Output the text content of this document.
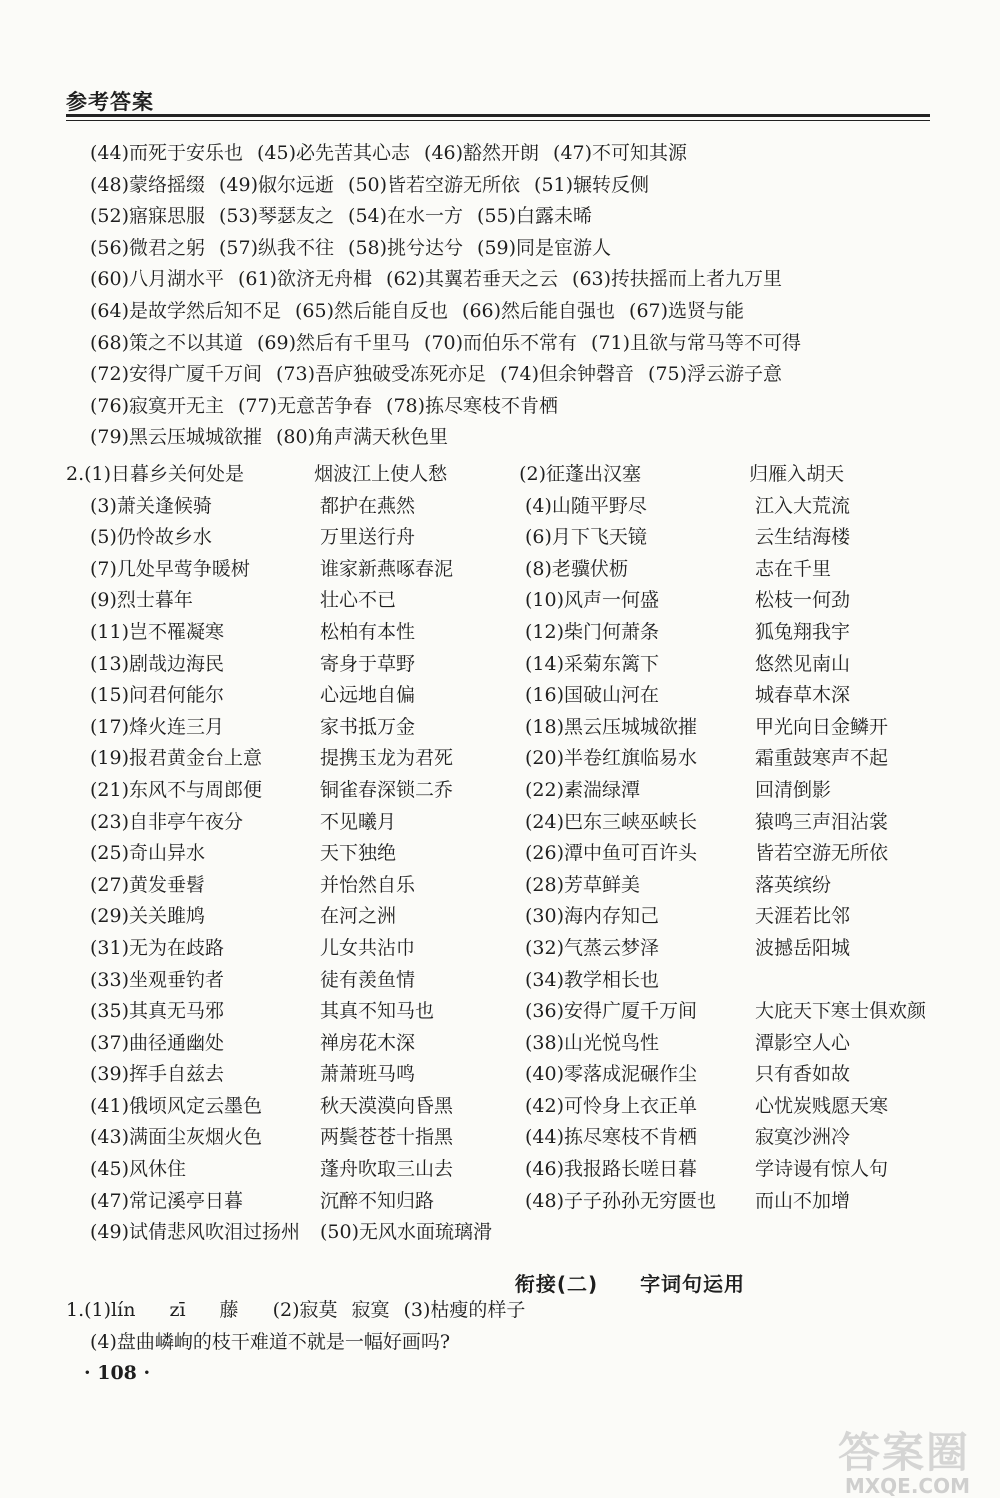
参考答案
(44)而死于安乐也 (45)必先苦其心志 (46)豁然开朗 (47)不可知其源
(48)蒙络摇缀 (49)俶尔远逝 (50)皆若空游无所依 (51)辗转反侧
(52)寤寐思服 (53)琴瑟友之 (54)在水一方 (55)白露未晞
(56)微君之躬 (57)纵我不往 (58)挑兮达兮 (59)同是宦游人
(60)八月湖水平 (61)欲济无舟楫 (62)其翼若垂天之云 (63)抟扶摇而上者九万里
(64)是故学然后知不足 (65)然后能自反也 (66)然后能自强也 (67)选贤与能
(68)策之不以其道 (69)然后有千里马 (70)而伯乐不常有 (71)且欲与常马等不可得
(72)安得广厦千万间 (73)吾庐独破受冻死亦足 (74)但余钟磬音 (75)浮云游子意
(76)寂寞开无主 (77)无意苦争春 (78)拣尽寒枝不肯栖
(79)黑云压城城欲摧 (80)角声满天秋色里
2.(1)日暮乡关何处是	烟波江上使人愁	(2)征蓬出汉塞	归雁入胡天
(3)萧关逢候骑	都护在燕然	(4)山随平野尽	江入大荒流
(5)仍怜故乡水	万里送行舟	(6)月下飞天镜	云生结海楼
(7)几处早莺争暖树	谁家新燕啄春泥	(8)老骥伏枥	志在千里
(9)烈士暮年	壮心不已	(10)风声一何盛	松枝一何劲
(11)岂不罹凝寒	松柏有本性	(12)柴门何萧条	狐兔翔我宇
(13)剧哉边海民	寄身于草野	(14)采菊东篱下	悠然见南山
(15)问君何能尔	心远地自偏	(16)国破山河在	城春草木深
(17)烽火连三月	家书抵万金	(18)黑云压城城欲摧	甲光向日金鳞开
(19)报君黄金台上意	提携玉龙为君死	(20)半卷红旗临易水	霜重鼓寒声不起
(21)东风不与周郎便	铜雀春深锁二乔	(22)素湍绿潭	回清倒影
(23)自非亭午夜分	不见曦月	(24)巴东三峡巫峡长	猿鸣三声泪沾裳
(25)奇山异水	天下独绝	(26)潭中鱼可百许头	皆若空游无所依
(27)黄发垂髫	并怡然自乐	(28)芳草鲜美	落英缤纷
(29)关关雎鸠	在河之洲	(30)海内存知己	天涯若比邻
(31)无为在歧路	儿女共沾巾	(32)气蒸云梦泽	波撼岳阳城
(33)坐观垂钓者	徒有羡鱼情	(34)教学相长也
(35)其真无马邪	其真不知马也	(36)安得广厦千万间	大庇天下寒士俱欢颜
(37)曲径通幽处	禅房花木深	(38)山光悦鸟性	潭影空人心
(39)挥手自兹去	萧萧班马鸣	(40)零落成泥碾作尘	只有香如故
(41)俄顷风定云墨色	秋天漠漠向昏黑	(42)可怜身上衣正单	心忧炭贱愿天寒
(43)满面尘灰烟火色	两鬓苍苍十指黑	(44)拣尽寒枝不肯栖	寂寞沙洲冷
(45)风休住	蓬舟吹取三山去	(46)我报路长嗟日暮	学诗谩有惊人句
(47)常记溪亭日暮	沉醉不知归路	(48)子子孙孙无穷匮也 而山不加增
(49)试倩悲风吹泪过扬州 (50)无风水面琉璃滑
衔接(二) 字词句运用
1.(1)lín zī 藤 (2)寂莫 寂寞 (3)枯瘦的样子
(4)盘曲嶙峋的枝干难道不就是一幅好画吗?
· 108 ·
答案圈
MXQE.COM
